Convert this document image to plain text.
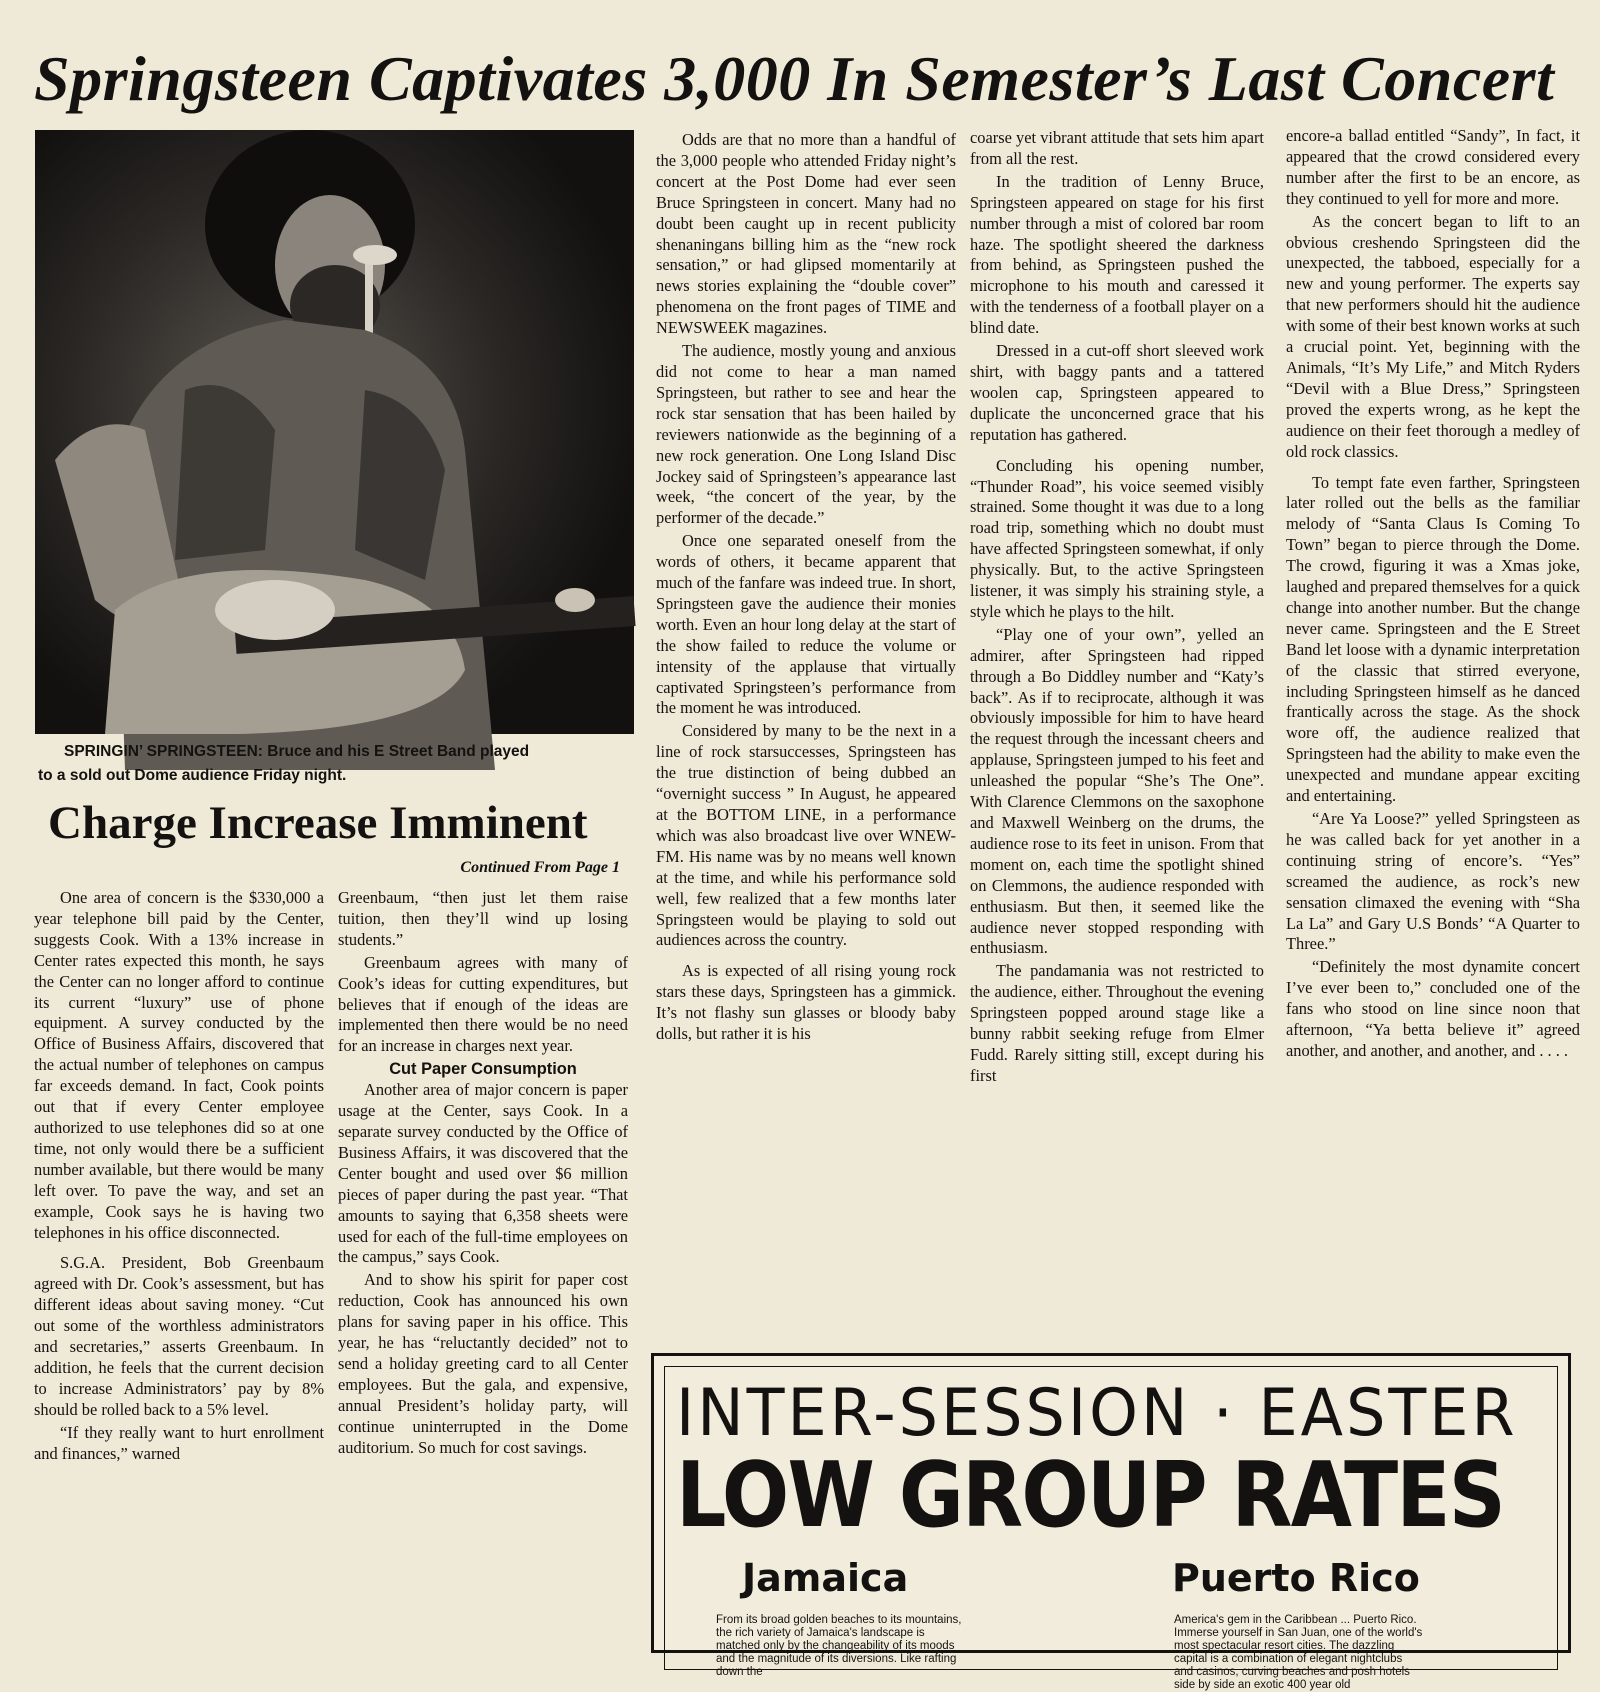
Springsteen Captivates 3,000 In Semester’s Last Concert
SPRINGIN’ SPRINGSTEEN: Bruce and his E Street Band played
to a sold out Dome audience Friday night.
Charge Increase Imminent
Continued From Page 1

One area of concern is the $330,000 a year telephone bill paid by the Center, suggests Cook. With a 13% increase in Center rates expected this month, he says the Center can no longer afford to continue its current “luxury” use of phone equipment. A survey conducted by the Office of Business Affairs, discovered that the actual number of telephones on campus far exceeds demand. In fact, Cook points out that if every Center employee authorized to use telephones did so at one time, not only would there be a sufficient number available, but there would be many left over. To pave the way, and set an example, Cook says he is having two telephones in his office disconnected.

S.G.A. President, Bob Greenbaum agreed with Dr. Cook’s assessment, but has different ideas about saving money. “Cut out some of the worthless administrators and secretaries,” asserts Greenbaum. In addition, he feels that the current decision to increase Administrators’ pay by 8% should be rolled back to a 5% level.

“If they really want to hurt enrollment and finances,” warned

Greenbaum, “then just let them raise tuition, then they’ll wind up losing students.”

Greenbaum agrees with many of Cook’s ideas for cutting expenditures, but believes that if enough of the ideas are implemented then there would be no need for an increase in charges next year.

Cut Paper Consumption

Another area of major concern is paper usage at the Center, says Cook. In a separate survey conducted by the Office of Business Affairs, it was discovered that the Center bought and used over $6 million pieces of paper during the past year. “That amounts to saying that 6,358 sheets were used for each of the full-time employees on the campus,” says Cook.

And to show his spirit for paper cost reduction, Cook has announced his own plans for saving paper in his office. This year, he has “reluctantly decided” not to send a holiday greeting card to all Center employees. But the gala, and expensive, annual President’s holiday party, will continue uninterrupted in the Dome auditorium. So much for cost savings.

Odds are that no more than a handful of the 3,000 people who attended Friday night’s concert at the Post Dome had ever seen Bruce Springsteen in concert. Many had no doubt been caught up in recent publicity shenaningans billing him as the “new rock sensation,” or had glipsed momentarily at news stories explaining the “double cover” phenomena on the front pages of TIME and NEWSWEEK magazines.

The audience, mostly young and anxious did not come to hear a man named Springsteen, but rather to see and hear the rock star sensation that has been hailed by reviewers nationwide as the beginning of a new rock generation. One Long Island Disc Jockey said of Springsteen’s appearance last week, “the concert of the year, by the performer of the decade.”

Once one separated oneself from the words of others, it became apparent that much of the fanfare was indeed true. In short, Springsteen gave the audience their monies worth. Even an hour long delay at the start of the show failed to reduce the volume or intensity of the applause that virtually captivated Springsteen’s performance from the moment he was introduced.

Considered by many to be the next in a line of rock starsuccesses, Springsteen has the true distinction of being dubbed an “overnight success ” In August, he appeared at the BOTTOM LINE, in a performance which was also broadcast live over WNEW-FM. His name was by no means well known at the time, and while his performance sold well, few realized that a few months later Springsteen would be playing to sold out audiences across the country.

As is expected of all rising young rock stars these days, Springsteen has a gimmick. It’s not flashy sun glasses or bloody baby dolls, but rather it is his

coarse yet vibrant attitude that sets him apart from all the rest.

In the tradition of Lenny Bruce, Springsteen appeared on stage for his first number through a mist of colored bar room haze. The spotlight sheered the darkness from behind, as Springsteen pushed the microphone to his mouth and caressed it with the tenderness of a football player on a blind date.

Dressed in a cut-off short sleeved work shirt, with baggy pants and a tattered woolen cap, Springsteen appeared to duplicate the unconcerned grace that his reputation has gathered.

Concluding his opening number, “Thunder Road”, his voice seemed visibly strained. Some thought it was due to a long road trip, something which no doubt must have affected Springsteen somewhat, if only physically. But, to the active Springsteen listener, it was simply his straining style, a style which he plays to the hilt.

“Play one of your own”, yelled an admirer, after Springsteen had ripped through a Bo Diddley number and “Katy’s back”. As if to reciprocate, although it was obviously impossible for him to have heard the request through the incessant cheers and applause, Springsteen jumped to his feet and unleashed the popular “She’s The One”. With Clarence Clemmons on the saxophone and Maxwell Weinberg on the drums, the audience rose to its feet in unison. From that moment on, each time the spotlight shined on Clemmons, the audience responded with enthusiasm. But then, it seemed like the audience never stopped responding with enthusiasm.

The pandamania was not restricted to the audience, either. Throughout the evening Springsteen popped around stage like a bunny rabbit seeking refuge from Elmer Fudd. Rarely sitting still, except during his first

encore-a ballad entitled “Sandy”, In fact, it appeared that the crowd considered every number after the first to be an encore, as they continued to yell for more and more.

As the concert began to lift to an obvious creshendo Springsteen did the unexpected, the tabboed, especially for a new and young performer. The experts say that new performers should hit the audience with some of their best known works at such a crucial point. Yet, beginning with the Animals, “It’s My Life,” and Mitch Ryders “Devil with a Blue Dress,” Springsteen proved the experts wrong, as he kept the audience on their feet thorough a medley of old rock classics.

To tempt fate even farther, Springsteen later rolled out the bells as the familiar melody of “Santa Claus Is Coming To Town” began to pierce through the Dome. The crowd, figuring it was a Xmas joke, laughed and prepared themselves for a quick change into another number. But the change never came. Springsteen and the E Street Band let loose with a dynamic interpretation of the classic that stirred everyone, including Springsteen himself as he danced frantically across the stage. As the shock wore off, the audience realized that Springsteen had the ability to make even the unexpected and mundane appear exciting and entertaining.

“Are Ya Loose?” yelled Springsteen as he was called back for yet another in a continuing string of encore’s. “Yes” screamed the audience, as rock’s new sensation climaxed the evening with “Sha La La” and Gary U.S Bonds’ “A Quarter to Three.”

“Definitely the most dynamite concert I’ve ever been to,” concluded one of the fans who stood on line since noon that afternoon, “Ya betta believe it” agreed another, and another, and another, and . . . .

INTER-SESSION · EASTER
LOW GROUP RATES
Jamaica
From its broad golden beaches to its mountains, the rich variety of Jamaica's landscape is matched only by the changeability of its moods and the magnitude of its diversions. Like rafting down the
Puerto Rico
America's gem in the Caribbean ... Puerto Rico. Immerse yourself in San Juan, one of the world's most spectacular resort cities. The dazzling capital is a combination of elegant nightclubs and casinos, curving beaches and posh hotels side by side an exotic 400 year old
